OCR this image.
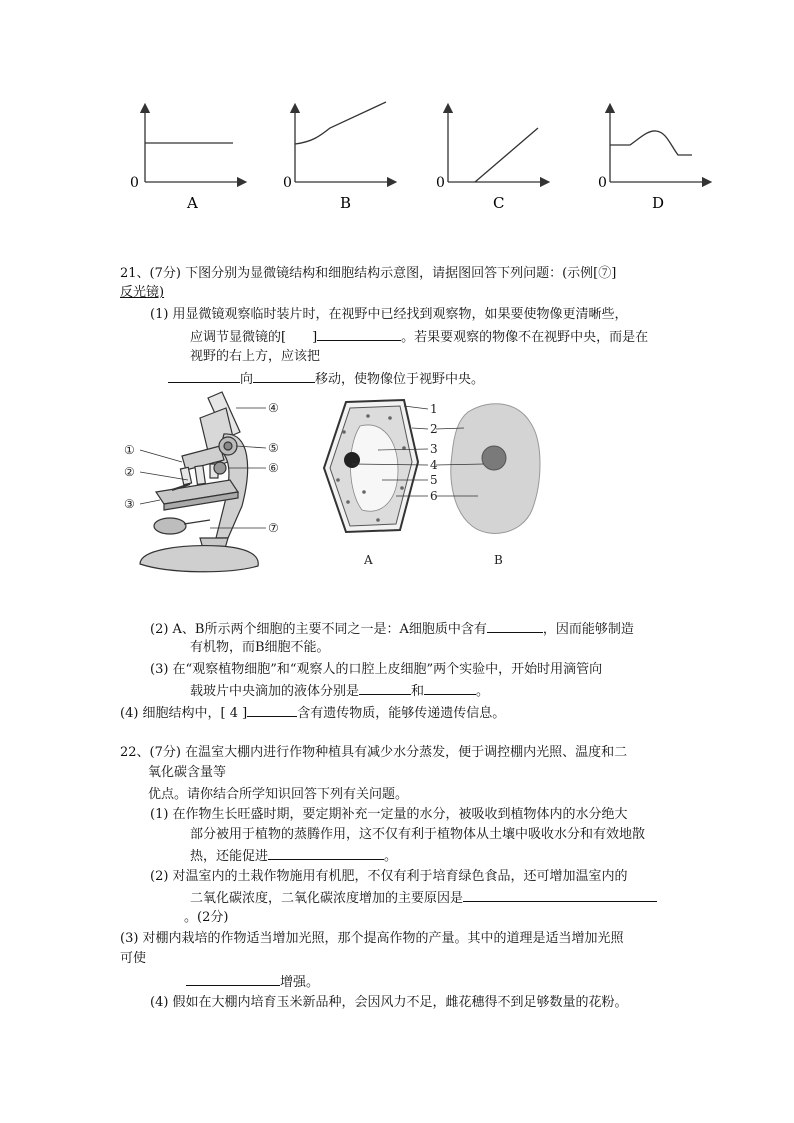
0
A
0
B
0
C
0
D
21、(7分) 下图分别为显微镜结构和细胞结构示意图，请据图回答下列问题：(示例[⑦]
反光镜)
(1) 用显微镜观察临时装片时，在视野中已经找到观察物，如果要使物像更清晰些，
应调节显微镜的[ ]	。若果要观察的物像不在视野中央，而是在
视野的右上方，应该把
向	移动，使物像位于视野中央。
①
②
③
④
⑤
⑥
⑦
1
2
3
4
5
6
A	B
(2) A、B所示两个细胞的主要不同之一是：A细胞质中含有	，因而能够制造
有机物，而B细胞不能。
(3) 在“观察植物细胞”和“观察人的口腔上皮细胞”两个实验中，开始时用滴管向
载玻片中央滴加的液体分别是	和	。
(4) 细胞结构中，[ 4 ]	含有遗传物质，能够传递遗传信息。
22、(7分) 在温室大棚内进行作物种植具有减少水分蒸发，便于调控棚内光照、温度和二
氧化碳含量等
优点。请你结合所学知识回答下列有关问题。
(1) 在作物生长旺盛时期，要定期补充一定量的水分，被吸收到植物体内的水分绝大
部分被用于植物的蒸腾作用，这不仅有利于植物体从土壤中吸收水分和有效地散
热，还能促进	。
(2) 对温室内的土栽作物施用有机肥，不仅有利于培育绿色食品，还可增加温室内的
二氧化碳浓度，二氧化碳浓度增加的主要原因是
。(2分)
(3) 对棚内栽培的作物适当增加光照，那个提高作物的产量。其中的道理是适当增加光照
可使
增强。
(4) 假如在大棚内培育玉米新品种，会因风力不足，雌花穗得不到足够数量的花粉。
